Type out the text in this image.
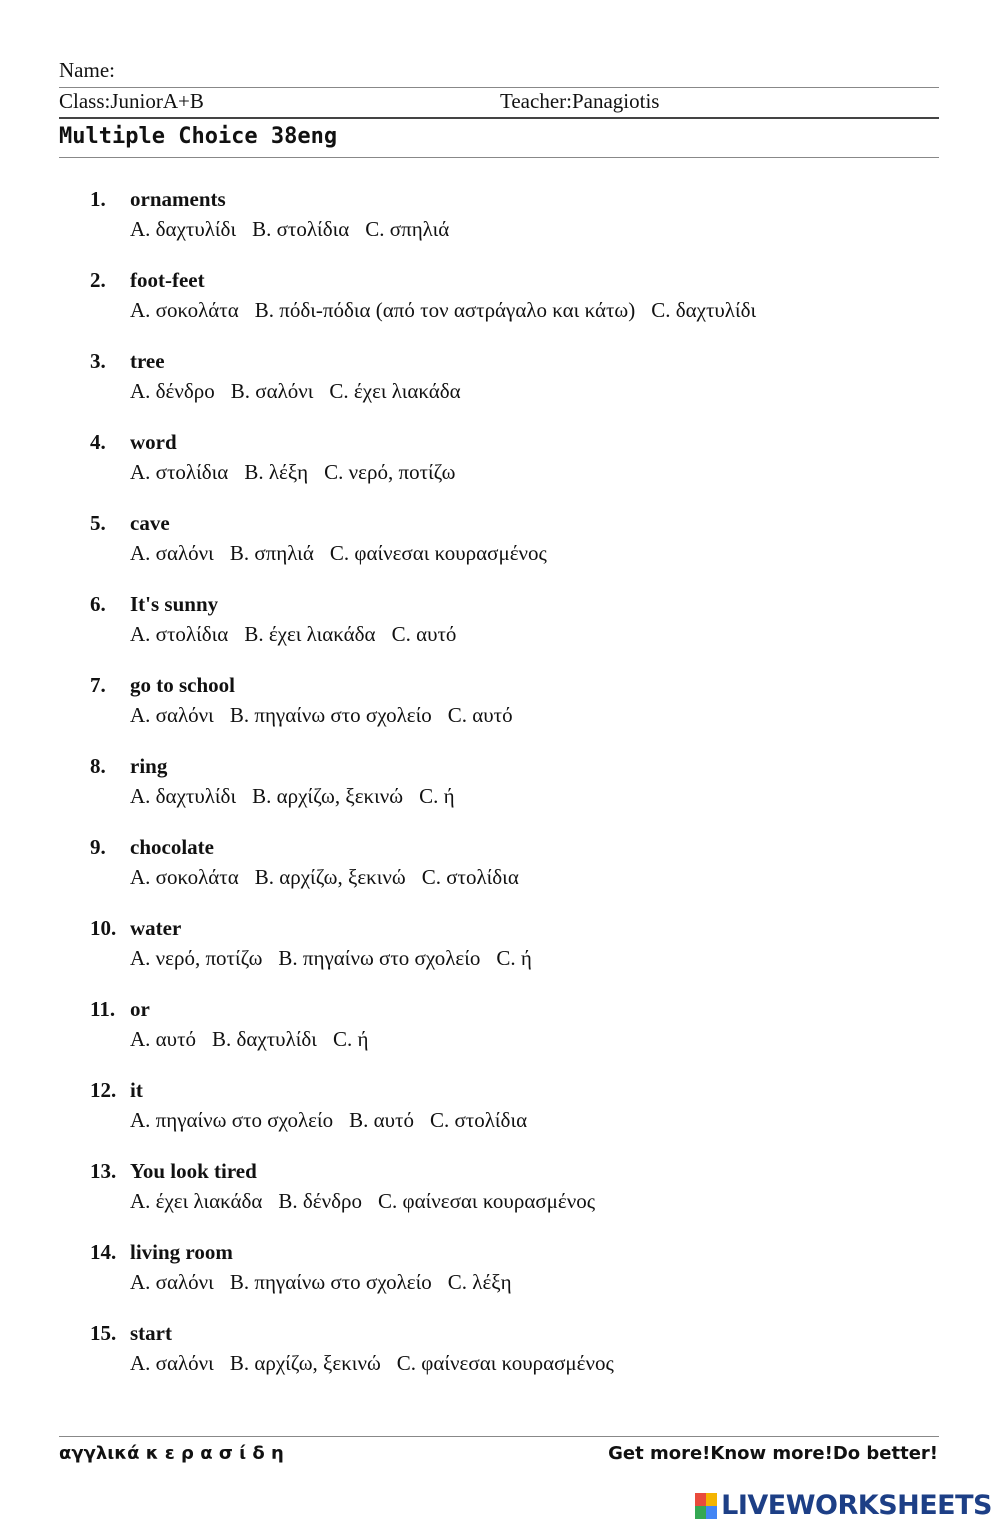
Name:
Class:JuniorA+B	Teacher:Panagiotis
Multiple Choice 38eng
1.	ornaments
A. δαχτυλίδι B. στολίδια C. σπηλιά
2.	foot-feet
A. σοκολάτα B. πόδι-πόδια (από τον αστράγαλο και κάτω) C. δαχτυλίδι
3.	tree
A. δένδρο B. σαλόνι C. έχει λιακάδα
4.	word
A. στολίδια B. λέξη C. νερό, ποτίζω
5.	cave
A. σαλόνι B. σπηλιά C. φαίνεσαι κουρασμένος
6.	It's sunny
A. στολίδια B. έχει λιακάδα C. αυτό
7.	go to school
A. σαλόνι B. πηγαίνω στο σχολείο C. αυτό
8.	ring
A. δαχτυλίδι B. αρχίζω, ξεκινώ C. ή
9.	chocolate
A. σοκολάτα B. αρχίζω, ξεκινώ C. στολίδια
10. water
A. νερό, ποτίζω B. πηγαίνω στο σχολείο C. ή
11. or
A. αυτό B. δαχτυλίδι C. ή
12. it
A. πηγαίνω στο σχολείο B. αυτό C. στολίδια
13. You look tired
A. έχει λιακάδα B. δένδρο C. φαίνεσαι κουρασμένος
14. living room
A. σαλόνι B. πηγαίνω στο σχολείο C. λέξη
15. start
A. σαλόνι B. αρχίζω, ξεκινώ C. φαίνεσαι κουρασμένος
αγγλικά κ ε ρ α σ ί δ η	Get more!Know more!Do better!
LIVEWORKSHEETS
